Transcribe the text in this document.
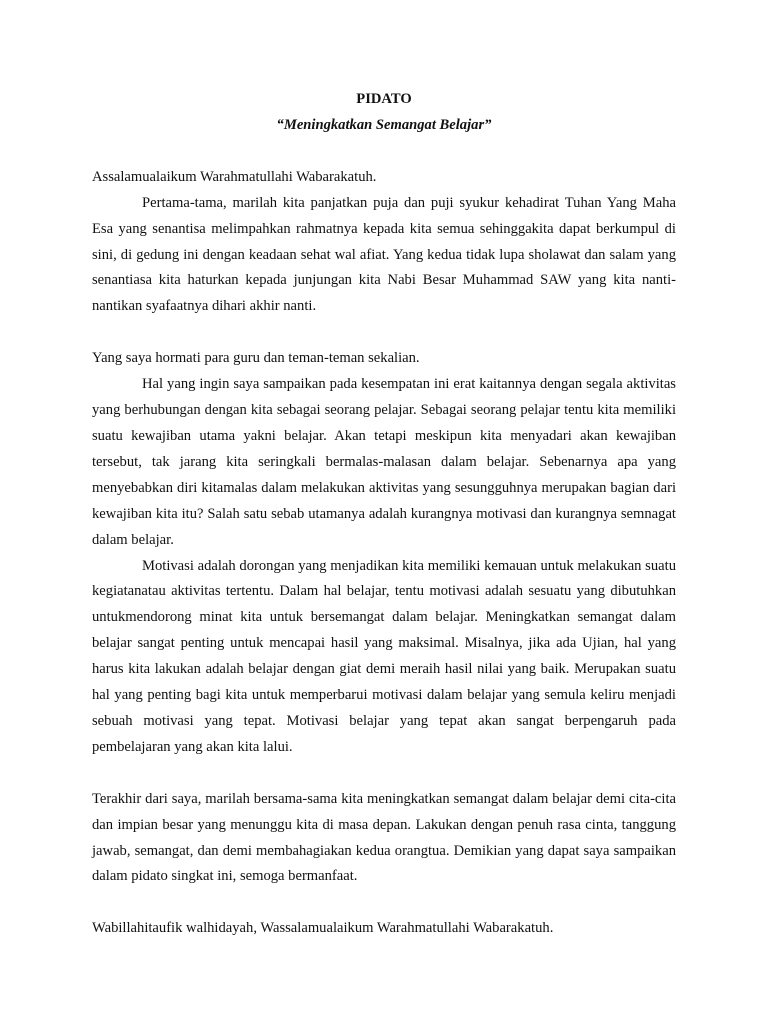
PIDATO

“Meningkatkan Semangat Belajar”

Assalamualaikum Warahmatullahi Wabarakatuh.

Pertama-tama, marilah kita panjatkan puja dan puji syukur kehadirat Tuhan Yang Maha Esa yang senantisa melimpahkan rahmatnya kepada kita semua sehinggakita dapat berkumpul di sini, di gedung ini dengan keadaan sehat wal afiat. Yang kedua tidak lupa sholawat dan salam yang senantiasa kita haturkan kepada junjungan kita Nabi Besar Muhammad SAW yang kita nanti-nantikan syafaatnya dihari akhir nanti.

Yang saya hormati para guru dan teman-teman sekalian.

Hal yang ingin saya sampaikan pada kesempatan ini erat kaitannya dengan segala aktivitas yang berhubungan dengan kita sebagai seorang pelajar. Sebagai seorang pelajar tentu kita memiliki suatu kewajiban utama yakni belajar. Akan tetapi meskipun kita menyadari akan kewajiban tersebut, tak jarang kita seringkali bermalas-malasan dalam belajar. Sebenarnya apa yang menyebabkan diri kitamalas dalam melakukan aktivitas yang sesungguhnya merupakan bagian dari kewajiban kita itu? Salah satu sebab utamanya adalah kurangnya motivasi dan kurangnya semnagat dalam belajar.

Motivasi adalah dorongan yang menjadikan kita memiliki kemauan untuk melakukan suatu kegiatanatau aktivitas tertentu. Dalam hal belajar, tentu motivasi adalah sesuatu yang dibutuhkan untukmendorong minat kita untuk bersemangat dalam belajar. Meningkatkan semangat dalam belajar sangat penting untuk mencapai hasil yang maksimal. Misalnya, jika ada Ujian, hal yang harus kita lakukan adalah belajar dengan giat demi meraih hasil nilai yang baik. Merupakan suatu hal yang penting bagi kita untuk memperbarui motivasi dalam belajar yang semula keliru menjadi sebuah motivasi yang tepat. Motivasi belajar yang tepat akan sangat berpengaruh pada pembelajaran yang akan kita lalui.

Terakhir dari saya, marilah bersama-sama kita meningkatkan semangat dalam belajar demi cita-cita dan impian besar yang menunggu kita di masa depan. Lakukan dengan penuh rasa cinta, tanggung jawab, semangat, dan demi membahagiakan kedua orangtua. Demikian yang dapat saya sampaikan dalam pidato singkat ini, semoga bermanfaat.

Wabillahitaufik walhidayah, Wassalamualaikum Warahmatullahi Wabarakatuh.
